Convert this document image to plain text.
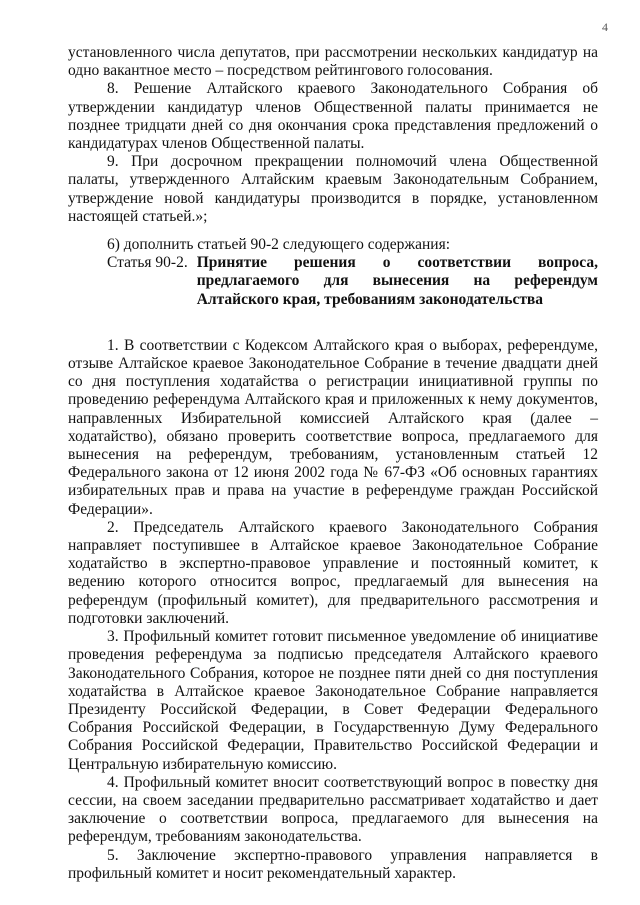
4

установленного числа депутатов, при рассмотрении нескольких кандидатур на одно вакантное место – посредством рейтингового голосования.

8. Решение Алтайского краевого Законодательного Собрания об утверждении кандидатур членов Общественной палаты принимается не позднее тридцати дней со дня окончания срока представления предложений о кандидатурах членов Общественной палаты.

9. При досрочном прекращении полномочий члена Общественной палаты, утвержденного Алтайским краевым Законодательным Собранием, утверждение новой кандидатуры производится в порядке, установленном настоящей статьей.»;

6) дополнить статьей 90-2 следующего содержания:

Статья 90-2. Принятие решения о соответствии вопроса, предлагаемого для вынесения на референдум Алтайского края, требованиям законодательства

1. В соответствии с Кодексом Алтайского края о выборах, референдуме, отзыве Алтайское краевое Законодательное Собрание в течение двадцати дней со дня поступления ходатайства о регистрации инициативной группы по проведению референдума Алтайского края и приложенных к нему документов, направленных Избирательной комиссией Алтайского края (далее – ходатайство), обязано проверить соответствие вопроса, предлагаемого для вынесения на референдум, требованиям, установленным статьей 12 Федерального закона от 12 июня 2002 года № 67-ФЗ «Об основных гарантиях избирательных прав и права на участие в референдуме граждан Российской Федерации».

2. Председатель Алтайского краевого Законодательного Собрания направляет поступившее в Алтайское краевое Законодательное Собрание ходатайство в экспертно-правовое управление и постоянный комитет, к ведению которого относится вопрос, предлагаемый для вынесения на референдум (профильный комитет), для предварительного рассмотрения и подготовки заключений.

3. Профильный комитет готовит письменное уведомление об инициативе проведения референдума за подписью председателя Алтайского краевого Законодательного Собрания, которое не позднее пяти дней со дня поступления ходатайства в Алтайское краевое Законодательное Собрание направляется Президенту Российской Федерации, в Совет Федерации Федерального Собрания Российской Федерации, в Государственную Думу Федерального Собрания Российской Федерации, Правительство Российской Федерации и Центральную избирательную комиссию.

4. Профильный комитет вносит соответствующий вопрос в повестку дня сессии, на своем заседании предварительно рассматривает ходатайство и дает заключение о соответствии вопроса, предлагаемого для вынесения на референдум, требованиям законодательства.

5. Заключение экспертно-правового управления направляется в профильный комитет и носит рекомендательный характер.
